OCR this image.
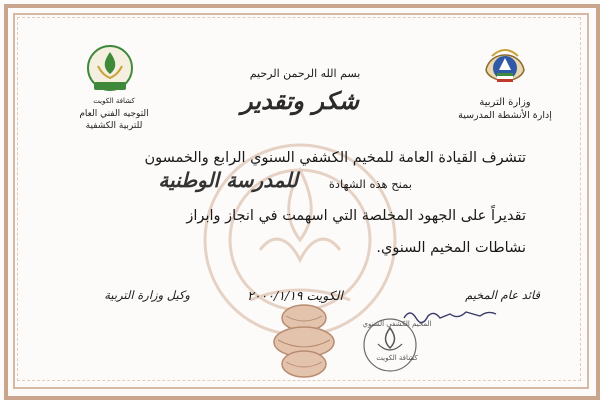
كشافة الكويت
التوجيه الفني العام
للتربية الكشفية
وزارة التربية
إدارة الأنشطة المدرسية
بسم الله الرحمن الرحيم
شكر وتقدير
تتشرف القيادة العامة للمخيم الكشفي السنوي الرابع والخمسون
بمنح هذه الشهادة
للمدرسة الوطنية
تقديراً على الجهود المخلصة التي اسهمت في انجاز وابراز
نشاطات المخيم السنوي.
الكويت ٢٠٠٠/١/١٩
وكيل وزارة التربية	قائد عام المخيم
المخيم الكشفي السنوي
كشافة الكويت
